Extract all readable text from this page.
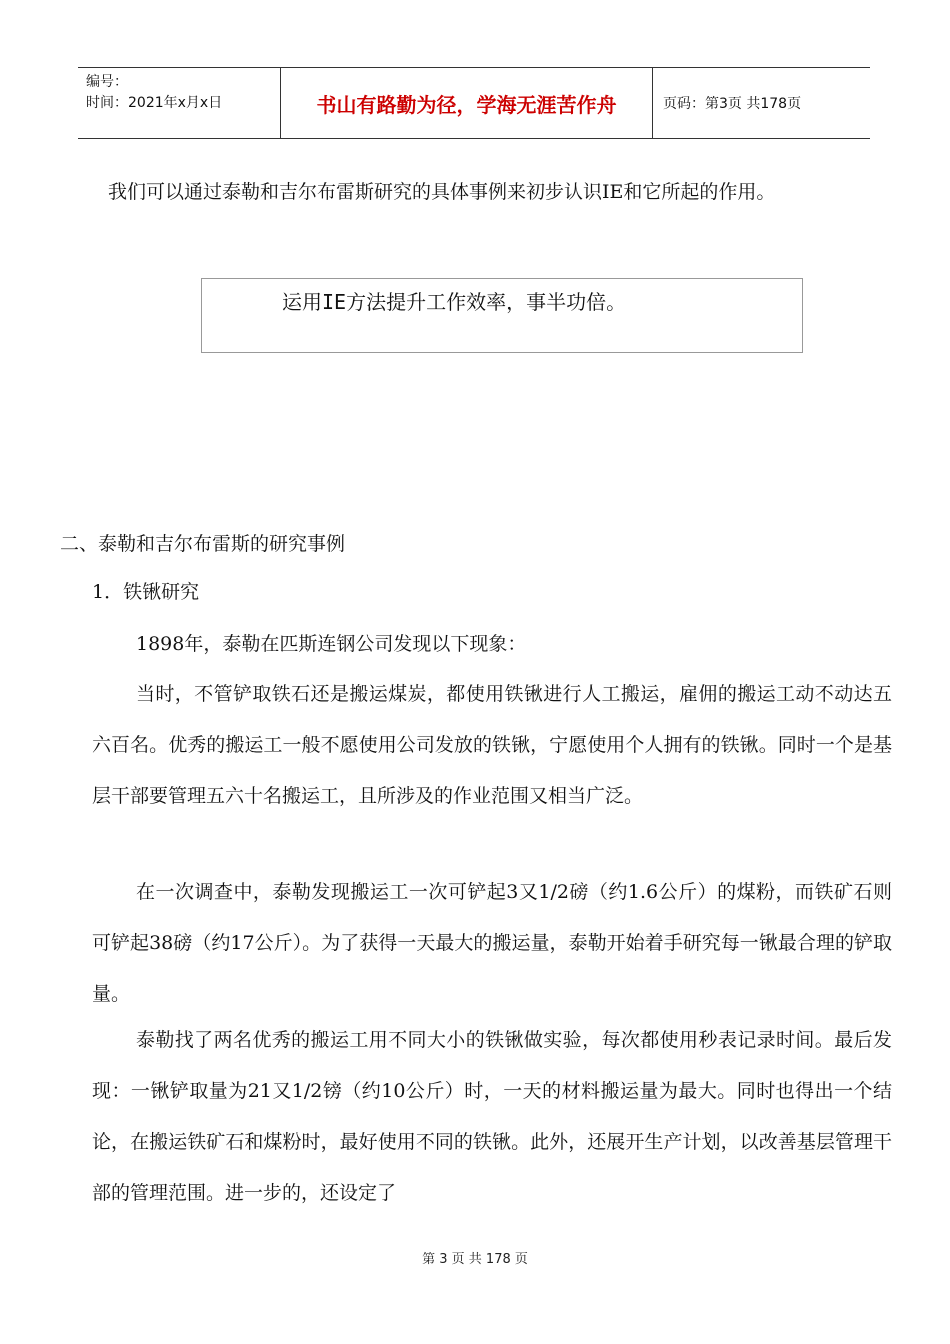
编号：
时间：2021年x月x日	书山有路勤为径，学海无涯苦作舟	页码：第3页 共178页
我们可以通过泰勒和吉尔布雷斯研究的具体事例来初步认识IE和它所起的作用。
运用IE方法提升工作效率，事半功倍。
二、泰勒和吉尔布雷斯的研究事例
1．铁锹研究
1898年，泰勒在匹斯连钢公司发现以下现象：
当时，不管铲取铁石还是搬运煤炭，都使用铁锹进行人工搬运，雇佣的搬运工动不动达五六百名。优秀的搬运工一般不愿使用公司发放的铁锹，宁愿使用个人拥有的铁锹。同时一个是基层干部要管理五六十名搬运工，且所涉及的作业范围又相当广泛。
在一次调查中，泰勒发现搬运工一次可铲起3又1/2磅（约1.6公斤）的煤粉，而铁矿石则可铲起38磅（约17公斤）。为了获得一天最大的搬运量，泰勒开始着手研究每一锹最合理的铲取量。
泰勒找了两名优秀的搬运工用不同大小的铁锹做实验，每次都使用秒表记录时间。最后发现：一锹铲取量为21又1/2镑（约10公斤）时，一天的材料搬运量为最大。同时也得出一个结论，在搬运铁矿石和煤粉时，最好使用不同的铁锹。此外，还展开生产计划，以改善基层管理干部的管理范围。进一步的，还设定了
第 3 页 共 178 页
